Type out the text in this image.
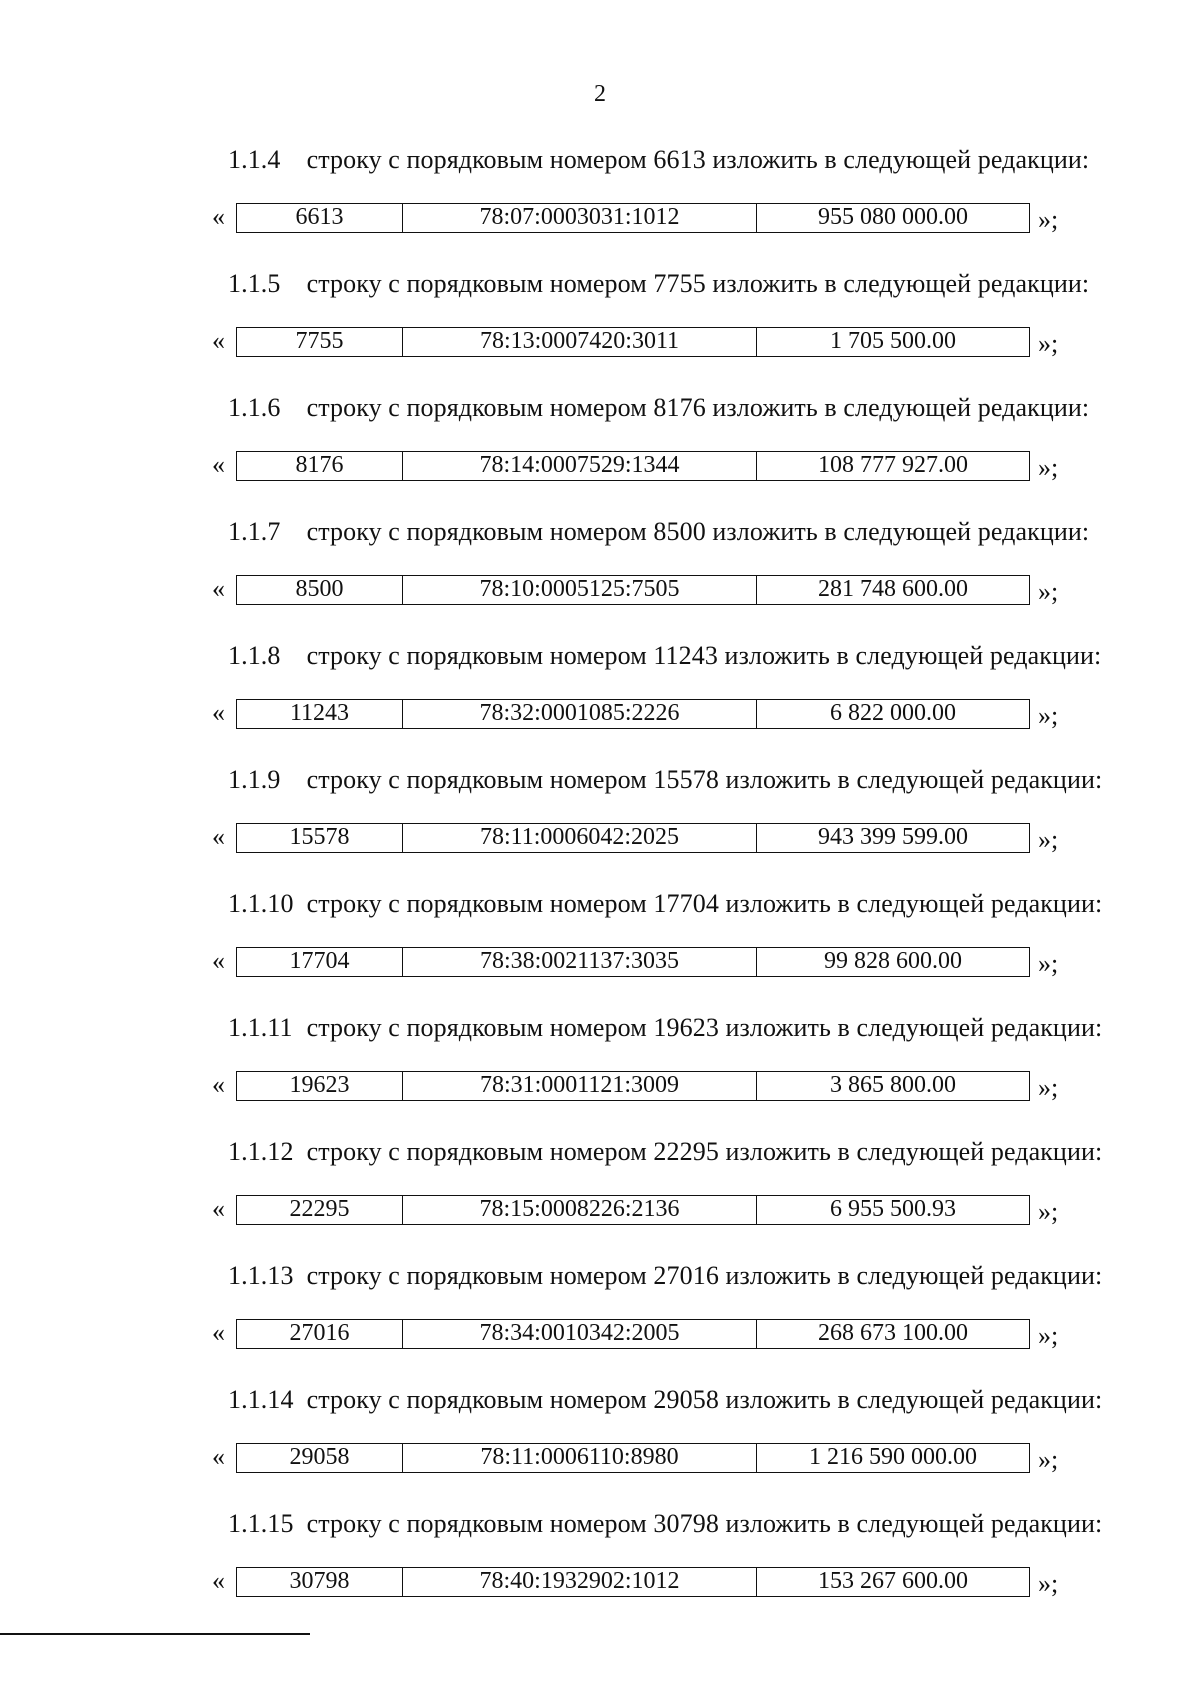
2
1.1.4 строку с порядковым номером 6613 изложить в следующей редакции:
«	6613	78:07:0003031:1012	955 080 000.00	»;
1.1.5 строку с порядковым номером 7755 изложить в следующей редакции:
«	7755	78:13:0007420:3011	1 705 500.00	»;
1.1.6 строку с порядковым номером 8176 изложить в следующей редакции:
«	8176	78:14:0007529:1344	108 777 927.00	»;
1.1.7 строку с порядковым номером 8500 изложить в следующей редакции:
«	8500	78:10:0005125:7505	281 748 600.00	»;
1.1.8 строку с порядковым номером 11243 изложить в следующей редакции:
«	11243	78:32:0001085:2226	6 822 000.00	»;
1.1.9 строку с порядковым номером 15578 изложить в следующей редакции:
«	15578	78:11:0006042:2025	943 399 599.00	»;
1.1.10 строку с порядковым номером 17704 изложить в следующей редакции:
«	17704	78:38:0021137:3035	99 828 600.00	»;
1.1.11 строку с порядковым номером 19623 изложить в следующей редакции:
«	19623	78:31:0001121:3009	3 865 800.00	»;
1.1.12 строку с порядковым номером 22295 изложить в следующей редакции:
«	22295	78:15:0008226:2136	6 955 500.93	»;
1.1.13 строку с порядковым номером 27016 изложить в следующей редакции:
«	27016	78:34:0010342:2005	268 673 100.00	»;
1.1.14 строку с порядковым номером 29058 изложить в следующей редакции:
«	29058	78:11:0006110:8980	1 216 590 000.00	»;
1.1.15 строку с порядковым номером 30798 изложить в следующей редакции:
«	30798	78:40:1932902:1012	153 267 600.00	»;
